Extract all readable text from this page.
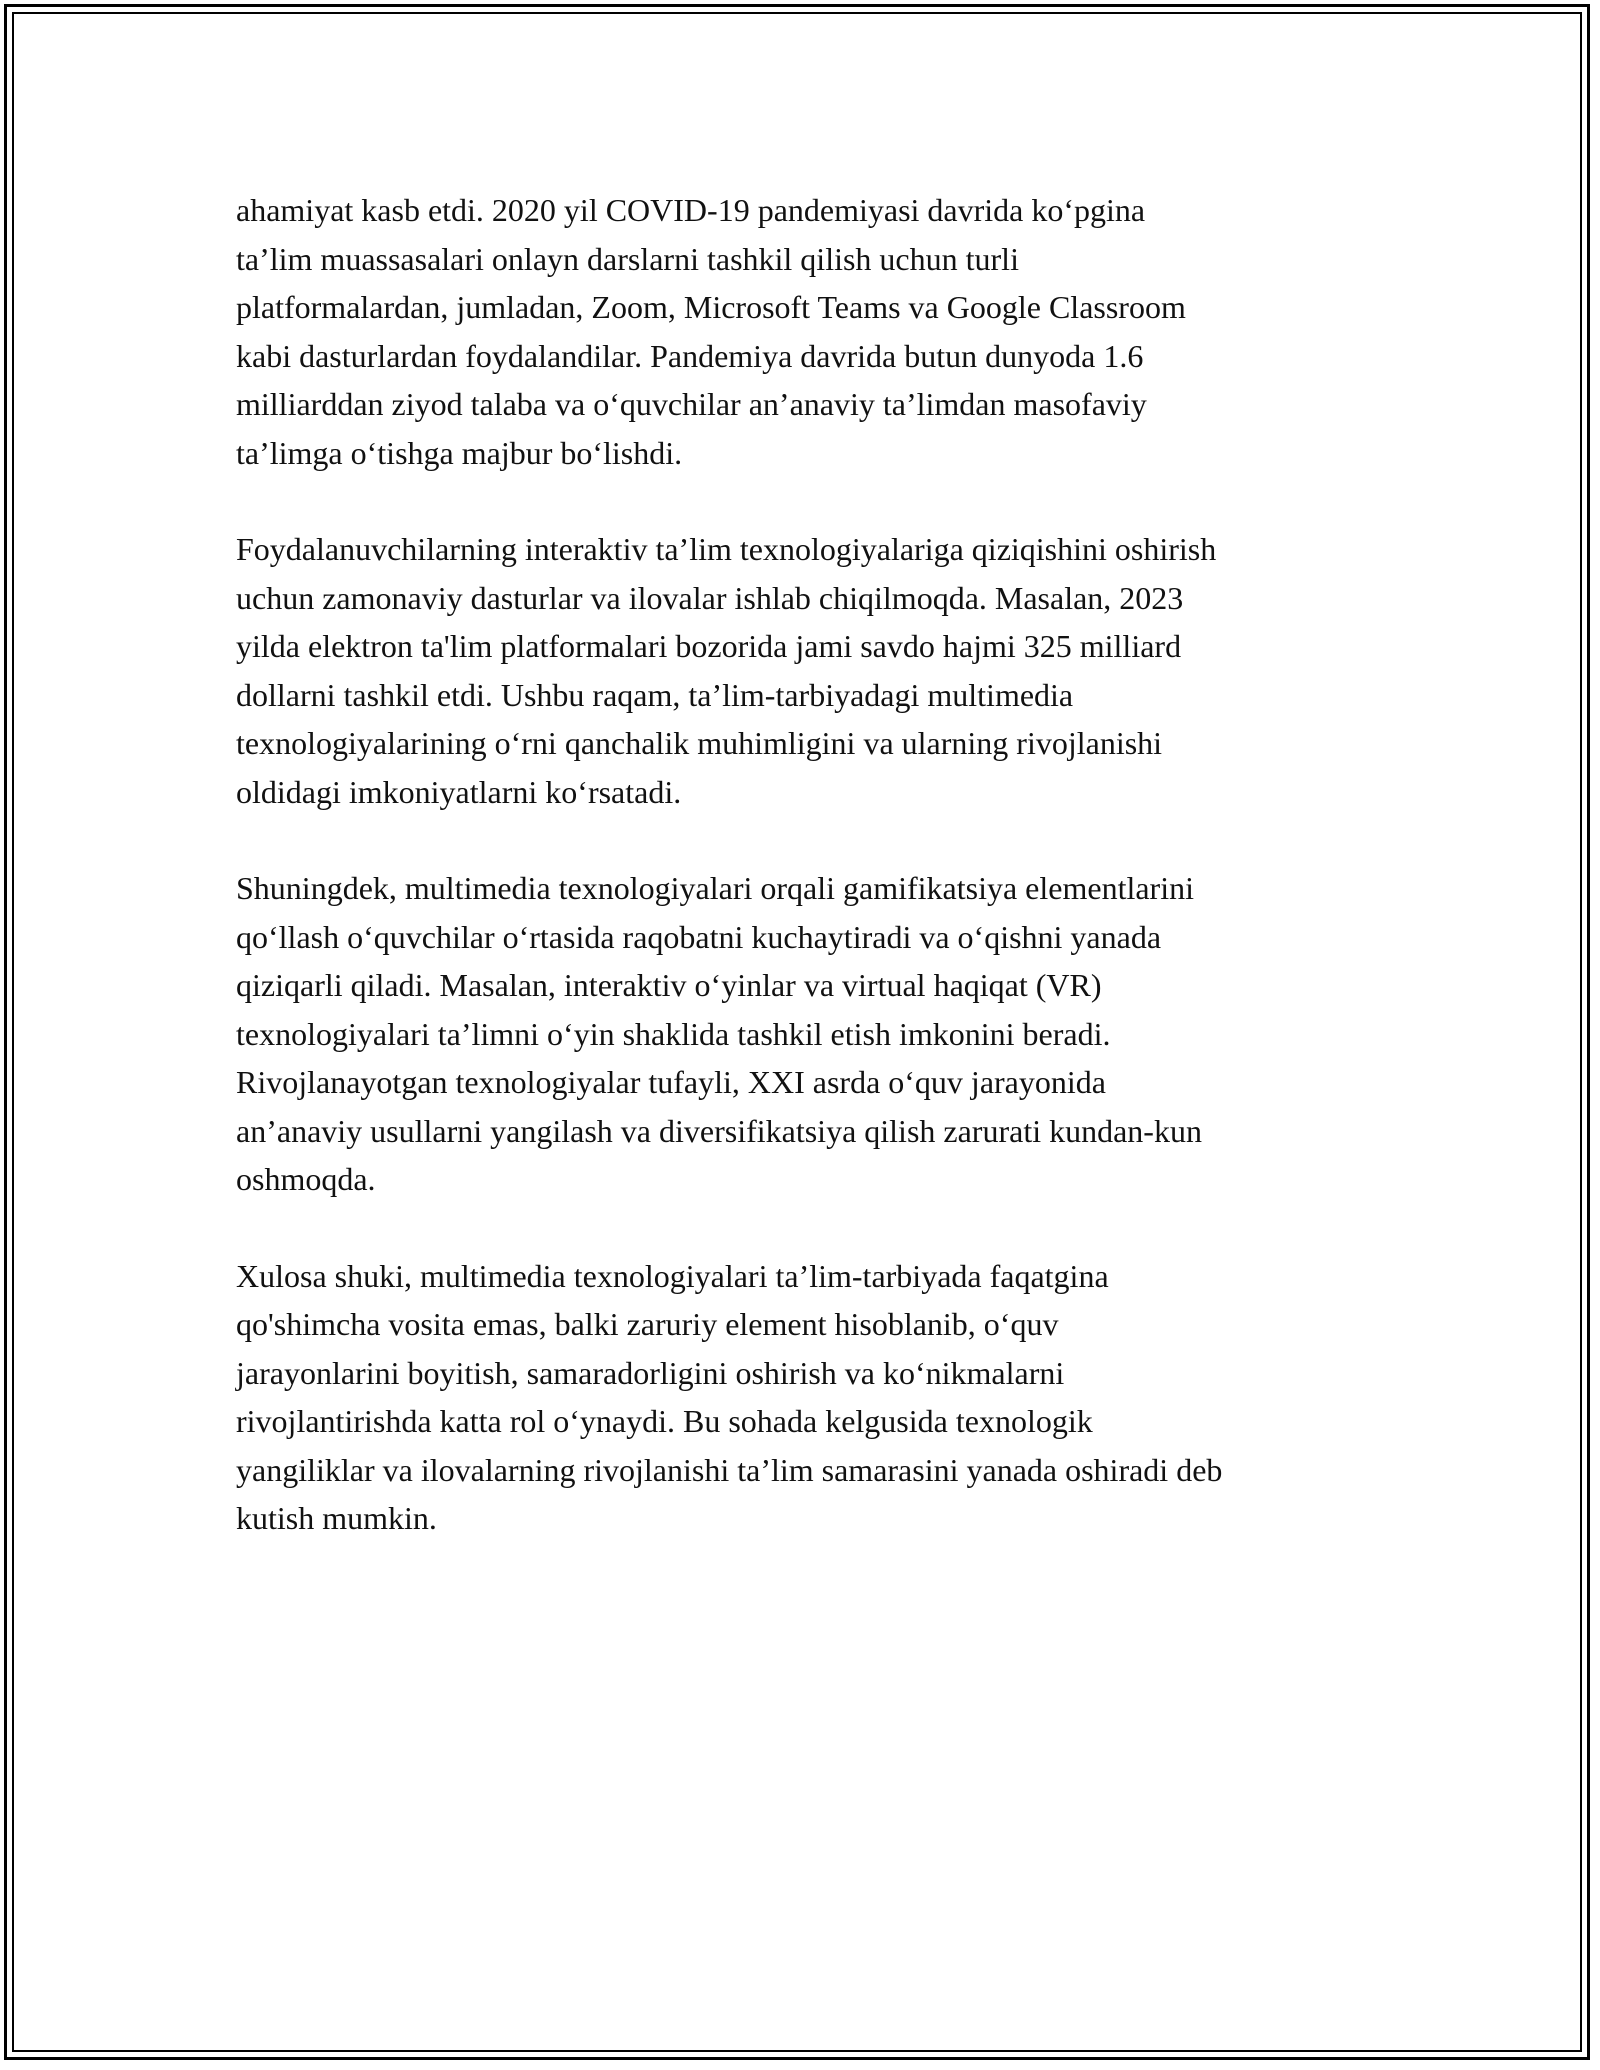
ahamiyat kasb etdi. 2020 yil COVID-19 pandemiyasi davrida ko‘pgina
ta’lim muassasalari onlayn darslarni tashkil qilish uchun turli
platformalardan, jumladan, Zoom, Microsoft Teams va Google Classroom
kabi dasturlardan foydalandilar. Pandemiya davrida butun dunyoda 1.6
milliarddan ziyod talaba va o‘quvchilar an’anaviy ta’limdan masofaviy
ta’limga o‘tishga majbur bo‘lishdi.

Foydalanuvchilarning interaktiv ta’lim texnologiyalariga qiziqishini oshirish
uchun zamonaviy dasturlar va ilovalar ishlab chiqilmoqda. Masalan, 2023
yilda elektron ta'lim platformalari bozorida jami savdo hajmi 325 milliard
dollarni tashkil etdi. Ushbu raqam, ta’lim-tarbiyadagi multimedia
texnologiyalarining o‘rni qanchalik muhimligini va ularning rivojlanishi
oldidagi imkoniyatlarni ko‘rsatadi.

Shuningdek, multimedia texnologiyalari orqali gamifikatsiya elementlarini
qo‘llash o‘quvchilar o‘rtasida raqobatni kuchaytiradi va o‘qishni yanada
qiziqarli qiladi. Masalan, interaktiv o‘yinlar va virtual haqiqat (VR)
texnologiyalari ta’limni o‘yin shaklida tashkil etish imkonini beradi.
Rivojlanayotgan texnologiyalar tufayli, XXI asrda o‘quv jarayonida
an’anaviy usullarni yangilash va diversifikatsiya qilish zarurati kundan-kun
oshmoqda.

Xulosa shuki, multimedia texnologiyalari ta’lim-tarbiyada faqatgina
qo'shimcha vosita emas, balki zaruriy element hisoblanib, o‘quv
jarayonlarini boyitish, samaradorligini oshirish va ko‘nikmalarni
rivojlantirishda katta rol o‘ynaydi. Bu sohada kelgusida texnologik
yangiliklar va ilovalarning rivojlanishi ta’lim samarasini yanada oshiradi deb
kutish mumkin.
